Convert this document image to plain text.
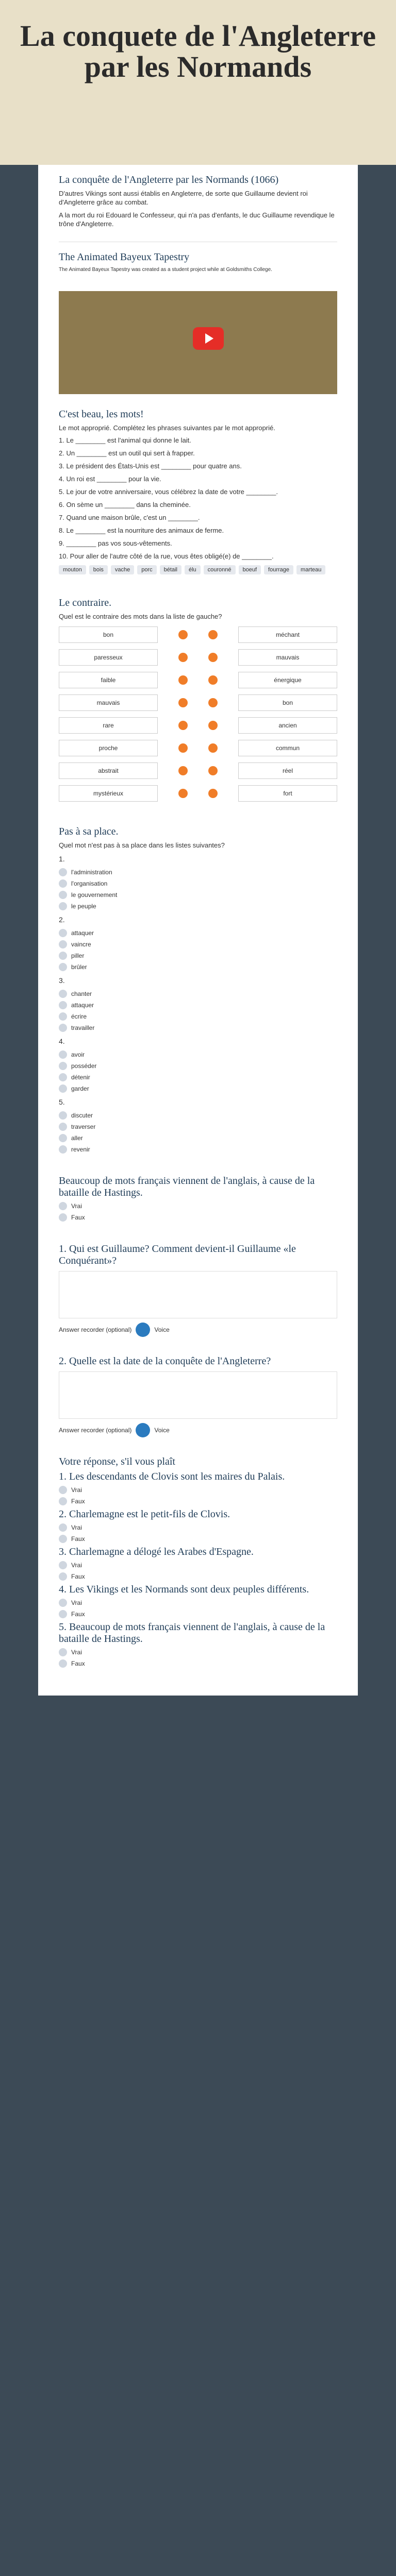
La conquete de l'Angleterre par les Normands
La conquête de l'Angleterre par les Normands (1066)
D'autres Vikings sont aussi établis en Angleterre, de sorte que Guillaume devient roi d'Angleterre grâce au combat.
A la mort du roi Edouard le Confesseur, qui n'a pas d'enfants, le duc Guillaume revendique le trône d'Angleterre.
The Animated Bayeux Tapestry
The Animated Bayeux Tapestry was created as a student project while at Goldsmiths College.
C'est beau, les mots!
Le mot approprié. Complétez les phrases suivantes par le mot approprié.
1. Le ________ est l'animal qui donne le lait.
2. Un ________ est un outil qui sert à frapper.
3. Le président des États-Unis est ________ pour quatre ans.
4. Un roi est ________ pour la vie.
5. Le jour de votre anniversaire, vous célébrez la date de votre ________.
6. On sème un ________ dans la cheminée.
7. Quand une maison brûle, c'est un ________.
8. Le ________ est la nourriture des animaux de ferme.
9. ________ pas vos sous-vêtements.
10. Pour aller de l'autre côté de la rue, vous êtes obligé(e) de ________.
mouton	bois	vache	porc	bétail	élu	couronné	boeuf	fourrage	marteau
Le contraire.
Quel est le contraire des mots dans la liste de gauche?
bon	méchant
paresseux	mauvais
faible	énergique
mauvais	bon
rare	ancien
proche	commun
abstrait	réel
mystérieux	fort
Pas à sa place.
Quel mot n'est pas à sa place dans les listes suivantes?
1.
l'administration
l'organisation
le gouvernement
le peuple
2.
attaquer
vaincre
piller
brûler
3.
chanter
attaquer
écrire
travailler
4.
avoir
posséder
détenir
garder
5.
discuter
traverser
aller
revenir
Beaucoup de mots français viennent de l'anglais, à cause de la bataille de Hastings.
Vrai
Faux
1. Qui est Guillaume? Comment devient-il Guillaume «le Conquérant»?
Answer recorder (optional)	Voice
2. Quelle est la date de la conquête de l'Angleterre?
Answer recorder (optional)	Voice
Votre réponse, s'il vous plaît
1. Les descendants de Clovis sont les maires du Palais.
Vrai
Faux
2. Charlemagne est le petit-fils de Clovis.
Vrai
Faux
3. Charlemagne a délogé les Arabes d'Espagne.
Vrai
Faux
4. Les Vikings et les Normands sont deux peuples différents.
Vrai
Faux
5. Beaucoup de mots français viennent de l'anglais, à cause de la bataille de Hastings.
Vrai
Faux
